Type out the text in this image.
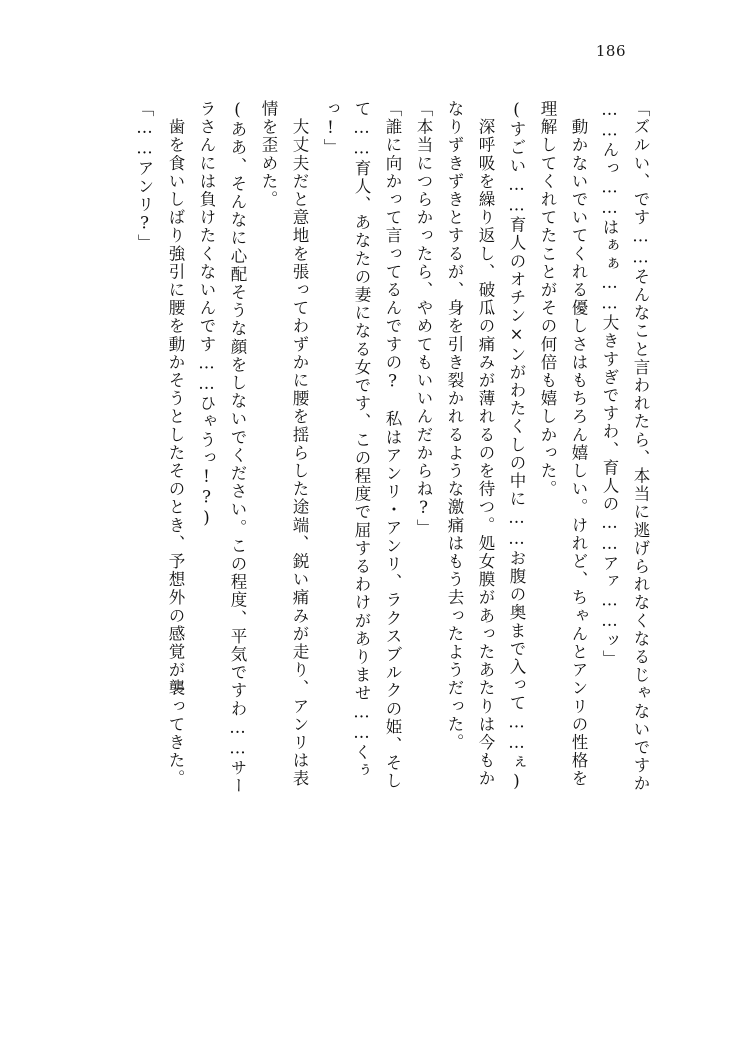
186
「ズルい、です……そんなこと言われたら、本当に逃げられなくなるじゃないですか
……んっ……はぁぁ……大きすぎですわ、育人の……アァ……ッ」
　動かないでいてくれる優しさはもちろん嬉しい。けれど、ちゃんとアンリの性格を
理解してくれてたことがその何倍も嬉しかった。
(すごい……育人のオチン×ンがわたくしの中に……お腹の奥まで入って……ぇ)
　深呼吸を繰り返し、破瓜の痛みが薄れるのを待つ。処女膜があったあたりは今もか
なりずきずきとするが、身を引き裂かれるような激痛はもう去ったようだった。
「本当につらかったら、やめてもいいんだからね?」
「誰に向かって言ってるんですの?　私はアンリ・アンリ、ラクスブルクの姫、そし
て……育人、あなたの妻になる女です、この程度で屈するわけがありませ……くぅ
っ!」
　大丈夫だと意地を張ってわずかに腰を揺らした途端、鋭い痛みが走り、アンリは表
情を歪めた。
(ああ、そんなに心配そうな顔をしないでください。この程度、平気ですわ……サー
ラさんには負けたくないんです……ひゃうっ!?)
　歯を食いしばり強引に腰を動かそうとしたそのとき、予想外の感覚が襲ってきた。
「……アンリ?」
